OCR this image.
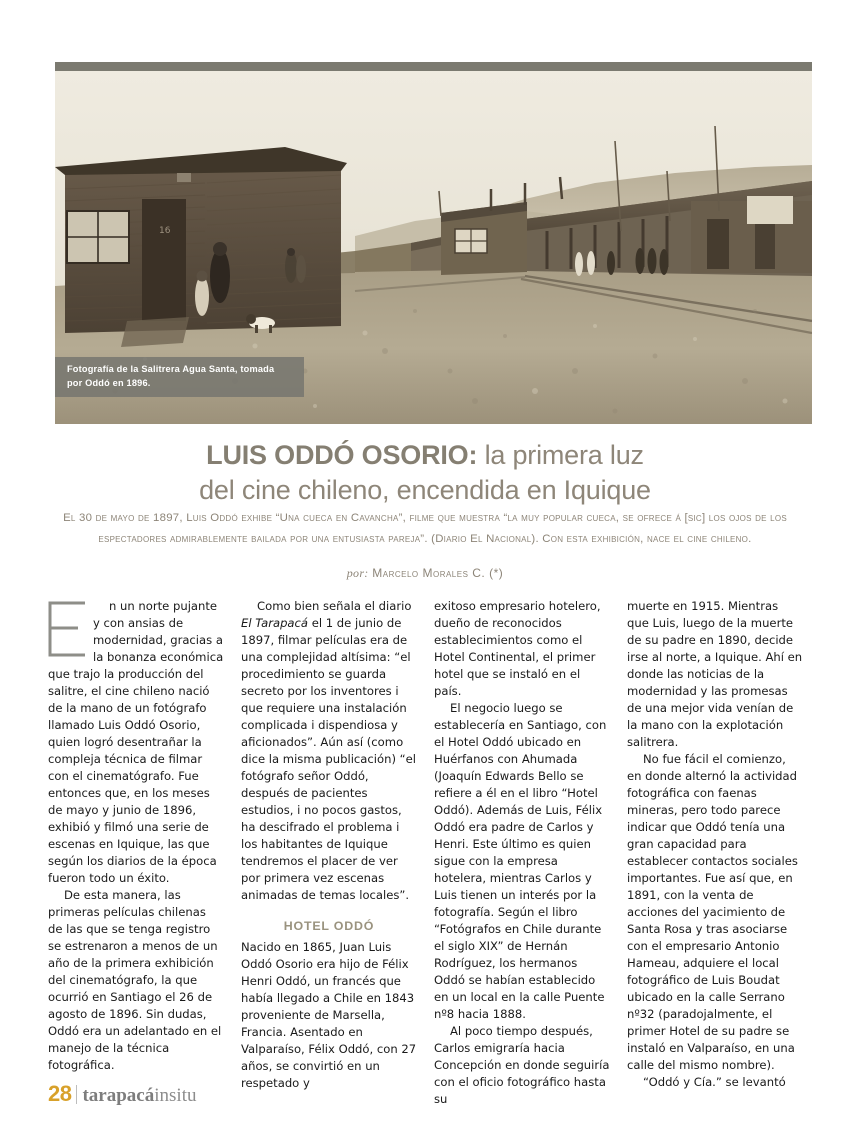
16
Fotografía de la Salitrera Agua Santa, tomada por Oddó en 1896.
LUIS ODDÓ OSORIO: la primera luz
del cine chileno, encendida en Iquique
El 30 de mayo de 1897, Luis Oddó exhibe “Una cueca en Cavancha”, filme que muestra “la muy popular cueca, se ofrece á [sic] los ojos de los espectadores admirablemente bailada por una entusiasta pareja”. (Diario El Nacional). Con esta exhibición, nace el cine chileno.
por: Marcelo Morales C. (*)

n un norte pujante y con ansias de modernidad, gracias a la bonanza económica que trajo la producción del salitre, el cine chileno nació de la mano de un fotógrafo llamado Luis Oddó Osorio, quien logró desentrañar la compleja técnica de filmar con el cinematógrafo. Fue entonces que, en los meses de mayo y junio de 1896, exhibió y filmó una serie de escenas en Iquique, las que según los diarios de la época fueron todo un éxito.

De esta manera, las primeras películas chilenas de las que se tenga registro se estrenaron a menos de un año de la primera exhibición del cinematógrafo, la que ocurrió en Santiago el 26 de agosto de 1896. Sin dudas, Oddó era un adelantado en el manejo de la técnica fotográfica.

Como bien señala el diario El Tarapacá el 1 de junio de 1897, filmar películas era de una complejidad altísima: “el procedimiento se guarda secreto por los inventores i que requiere una instalación complicada i dispendiosa y aficionados”. Aún así (como dice la misma publicación) “el fotógrafo señor Oddó, después de pacientes estudios, i no pocos gastos, ha descifrado el problema i los habitantes de Iquique tendremos el placer de ver por primera vez escenas animadas de temas locales”.

HOTEL ODDÓ

Nacido en 1865, Juan Luis Oddó Osorio era hijo de Félix Henri Oddó, un francés que había llegado a Chile en 1843 proveniente de Marsella, Francia. Asentado en Valparaíso, Félix Oddó, con 27 años, se convirtió en un respetado y

exitoso empresario hotelero, dueño de reconocidos establecimientos como el Hotel Continental, el primer hotel que se instaló en el país.

El negocio luego se establecería en Santiago, con el Hotel Oddó ubicado en Huérfanos con Ahumada (Joaquín Edwards Bello se refiere a él en el libro “Hotel Oddó). Además de Luis, Félix Oddó era padre de Carlos y Henri. Este último es quien sigue con la empresa hotelera, mientras Carlos y Luis tienen un interés por la fotografía. Según el libro “Fotógrafos en Chile durante el siglo XIX” de Hernán Rodríguez, los hermanos Oddó se habían establecido en un local en la calle Puente nº8 hacia 1888.

Al poco tiempo después, Carlos emigraría hacia Concepción en donde seguiría con el oficio fotográfico hasta su

muerte en 1915. Mientras que Luis, luego de la muerte de su padre en 1890, decide irse al norte, a Iquique. Ahí en donde las noticias de la modernidad y las promesas de una mejor vida venían de la mano con la explotación salitrera.

No fue fácil el comienzo, en donde alternó la actividad fotográfica con faenas mineras, pero todo parece indicar que Oddó tenía una gran capacidad para establecer contactos sociales importantes. Fue así que, en 1891, con la venta de acciones del yacimiento de Santa Rosa y tras asociarse con el empresario Antonio Hameau, adquiere el local fotográfico de Luis Boudat ubicado en la calle Serrano nº32 (paradojalmente, el primer Hotel de su padre se instaló en Valparaíso, en una calle del mismo nombre).

“Oddó y Cía.” se levantó

28 tarapacáinsitu
